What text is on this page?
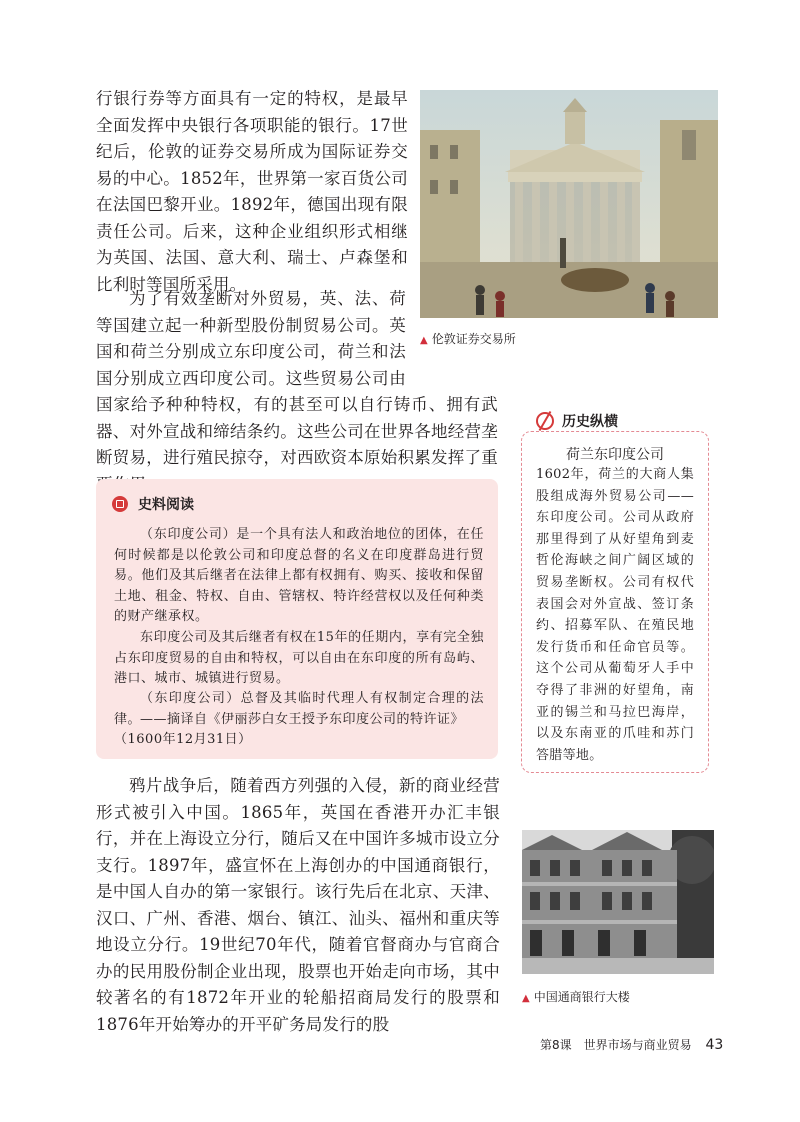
行银行券等方面具有一定的特权，是最早全面发挥中央银行各项职能的银行。17世纪后，伦敦的证券交易所成为国际证券交易的中心。1852年，世界第一家百货公司在法国巴黎开业。1892年，德国出现有限责任公司。后来，这种企业组织形式相继为英国、法国、意大利、瑞士、卢森堡和比利时等国所采用。

为了有效垄断对外贸易，英、法、荷等国建立起一种新型股份制贸易公司。英国和荷兰分别成立东印度公司，荷兰和法国分别成立西印度公司。这些贸易公司由国家给予种种特权，有的甚至可以自行铸币、拥有武器、对外宣战和缔结条约。这些公司在世界各地经营垄断贸易，进行殖民掠夺，对西欧资本原始积累发挥了重

▲ 伦敦证券交易所
历史纵横
荷兰东印度公司

1602年，荷兰的大商人集股组成海外贸易公司——东印度公司。公司从政府那里得到了从好望角到麦哲伦海峡之间广阔区域的贸易垄断权。公司有权代表国会对外宣战、签订条约、招募军队、在殖民地发行货币和任命官员等。这个公司从葡萄牙人手中夺得了非洲的好望角，南亚的锡兰和马拉巴海岸，以及东南亚的爪哇和苏门答腊等地。

史料阅读

（东印度公司）是一个具有法人和政治地位的团体，在任何时候都是以伦敦公司和印度总督的名义在印度群岛进行贸易。他们及其后继者在法律上都有权拥有、购买、接收和保留土地、租金、特权、自由、管辖权、特许经营权以及任何种类的财产继承权。

东印度公司及其后继者有权在15年的任期内，享有完全独占东印度贸易的自由和特权，可以自由在东印度的所有岛屿、港口、城市、城镇进行贸易。

（东印度公司）总督及其临时代理人有权制定合理的法律。

——摘译自《伊丽莎白女王授予东印度公司的特许证》

（1600年12月31日）

鸦片战争后，随着西方列强的入侵，新的商业经营形式被引入中国。1865年，英国在香港开办汇丰银行，并在上海设立分行，随后又在中国许多城市设立分支行。1897年，盛宣怀在上海创办的中国通商银行，是中国人自办的第一家银行。该行先后在北京、天津、汉口、广州、香港、烟台、镇江、汕头、福州和重庆等地设立分行。19世纪70年代，随着官督商办与官商合办的民用股份制企业出现，股票也开始走向市场，其中较著名的有1872年开业的轮船招商局发行的股票和1876年开始筹办的开平矿务局发行的股

▲ 中国通商银行大楼
第8课　世界市场与商业贸易 43
